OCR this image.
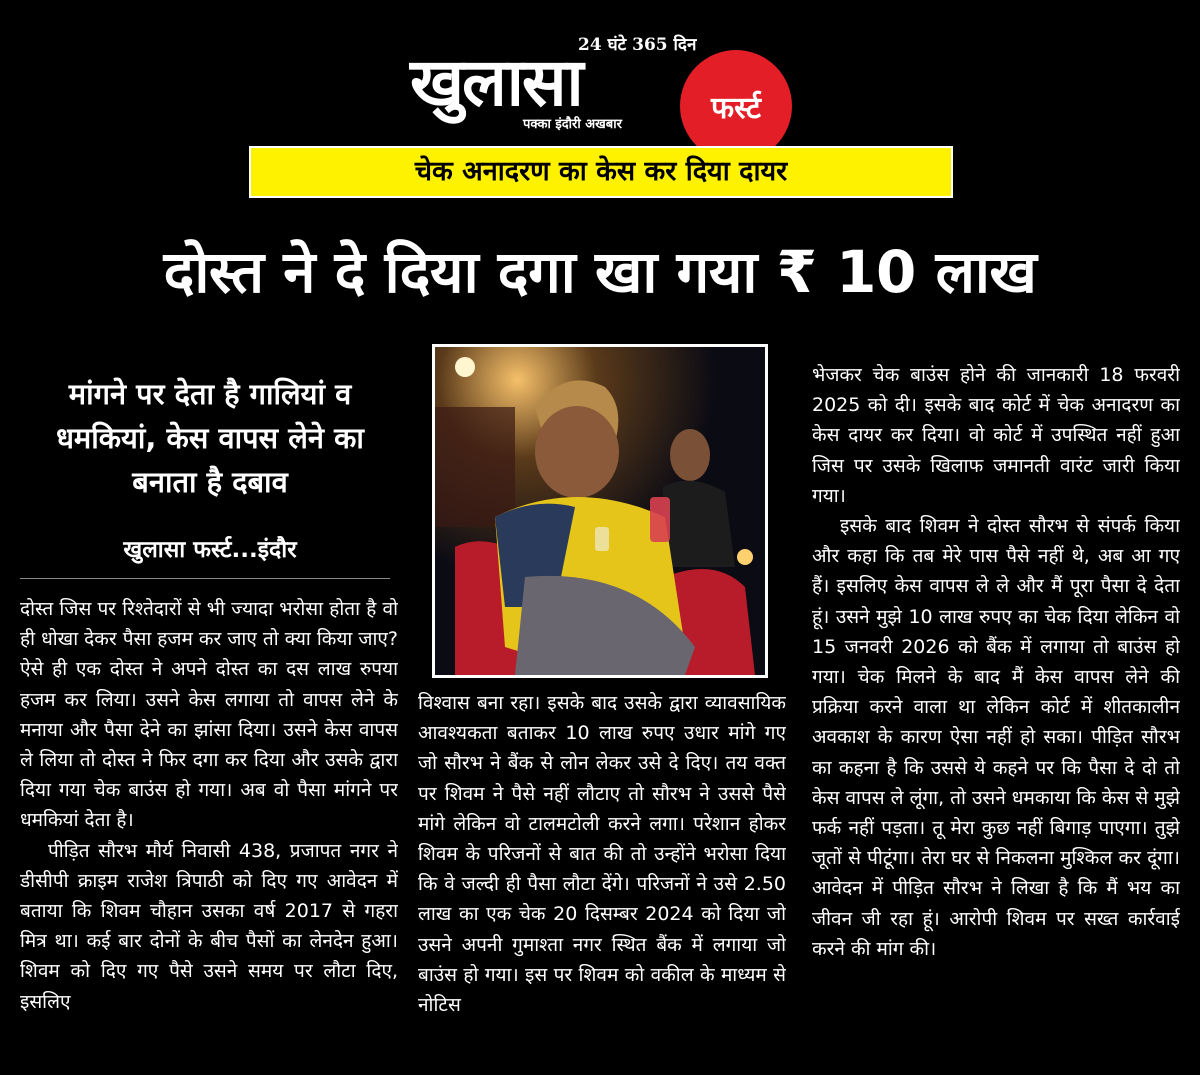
24 घंटे 365 दिन
खुलासा	फर्स्ट
पक्का इंदौरी अखबार
चेक अनादरण का केस कर दिया दायर
दोस्त ने दे दिया दगा खा गया ₹ 10 लाख
मांगने पर देता है गालियां व धमकियां, केस वापस लेने का बनाता है दबाव
खुलासा फर्स्ट...इंदौर

दोस्त जिस पर रिश्तेदारों से भी ज्यादा भरोसा होता है वो ही धोखा देकर पैसा हजम कर जाए तो क्या किया जाए? ऐसे ही एक दोस्त ने अपने दोस्त का दस लाख रुपया हजम कर लिया। उसने केस लगाया तो वापस लेने के मनाया और पैसा देने का झांसा दिया। उसने केस वापस ले लिया तो दोस्त ने फिर दगा कर दिया और उसके द्वारा दिया गया चेक बाउंस हो गया। अब वो पैसा मांगने पर धमकियां देता है।

पीड़ित सौरभ मौर्य निवासी 438, प्रजापत नगर ने डीसीपी क्राइम राजेश त्रिपाठी को दिए गए आवेदन में बताया कि शिवम चौहान उसका वर्ष 2017 से गहरा मित्र था। कई बार दोनों के बीच पैसों का लेनदेन हुआ। शिवम को दिए गए पैसे उसने समय पर लौटा दिए, इसलिए

विश्वास बना रहा। इसके बाद उसके द्वारा व्यावसायिक आवश्यकता बताकर 10 लाख रुपए उधार मांगे गए जो सौरभ ने बैंक से लोन लेकर उसे दे दिए। तय वक्त पर शिवम ने पैसे नहीं लौटाए तो सौरभ ने उससे पैसे मांगे लेकिन वो टालमटोली करने लगा। परेशान होकर शिवम के परिजनों से बात की तो उन्होंने भरोसा दिया कि वे जल्दी ही पैसा लौटा देंगे। परिजनों ने उसे 2.50 लाख का एक चेक 20 दिसम्बर 2024 को दिया जो उसने अपनी गुमाश्ता नगर स्थित बैंक में लगाया जो बाउंस हो गया। इस पर शिवम को वकील के माध्यम से नोटिस

भेजकर चेक बाउंस होने की जानकारी 18 फरवरी 2025 को दी। इसके बाद कोर्ट में चेक अनादरण का केस दायर कर दिया। वो कोर्ट में उपस्थित नहीं हुआ जिस पर उसके खिलाफ जमानती वारंट जारी किया गया।

इसके बाद शिवम ने दोस्त सौरभ से संपर्क किया और कहा कि तब मेरे पास पैसे नहीं थे, अब आ गए हैं। इसलिए केस वापस ले ले और मैं पूरा पैसा दे देता हूं। उसने मुझे 10 लाख रुपए का चेक दिया लेकिन वो 15 जनवरी 2026 को बैंक में लगाया तो बाउंस हो गया। चेक मिलने के बाद मैं केस वापस लेने की प्रक्रिया करने वाला था लेकिन कोर्ट में शीतकालीन अवकाश के कारण ऐसा नहीं हो सका। पीड़ित सौरभ का कहना है कि उससे ये कहने पर कि पैसा दे दो तो केस वापस ले लूंगा, तो उसने धमकाया कि केस से मुझे फर्क नहीं पड़ता। तू मेरा कुछ नहीं बिगाड़ पाएगा। तुझे जूतों से पीटूंगा। तेरा घर से निकलना मुश्किल कर दूंगा। आवेदन में पीड़ित सौरभ ने लिखा है कि मैं भय का जीवन जी रहा हूं। आरोपी शिवम पर सख्त कार्रवाई करने की मांग की।
